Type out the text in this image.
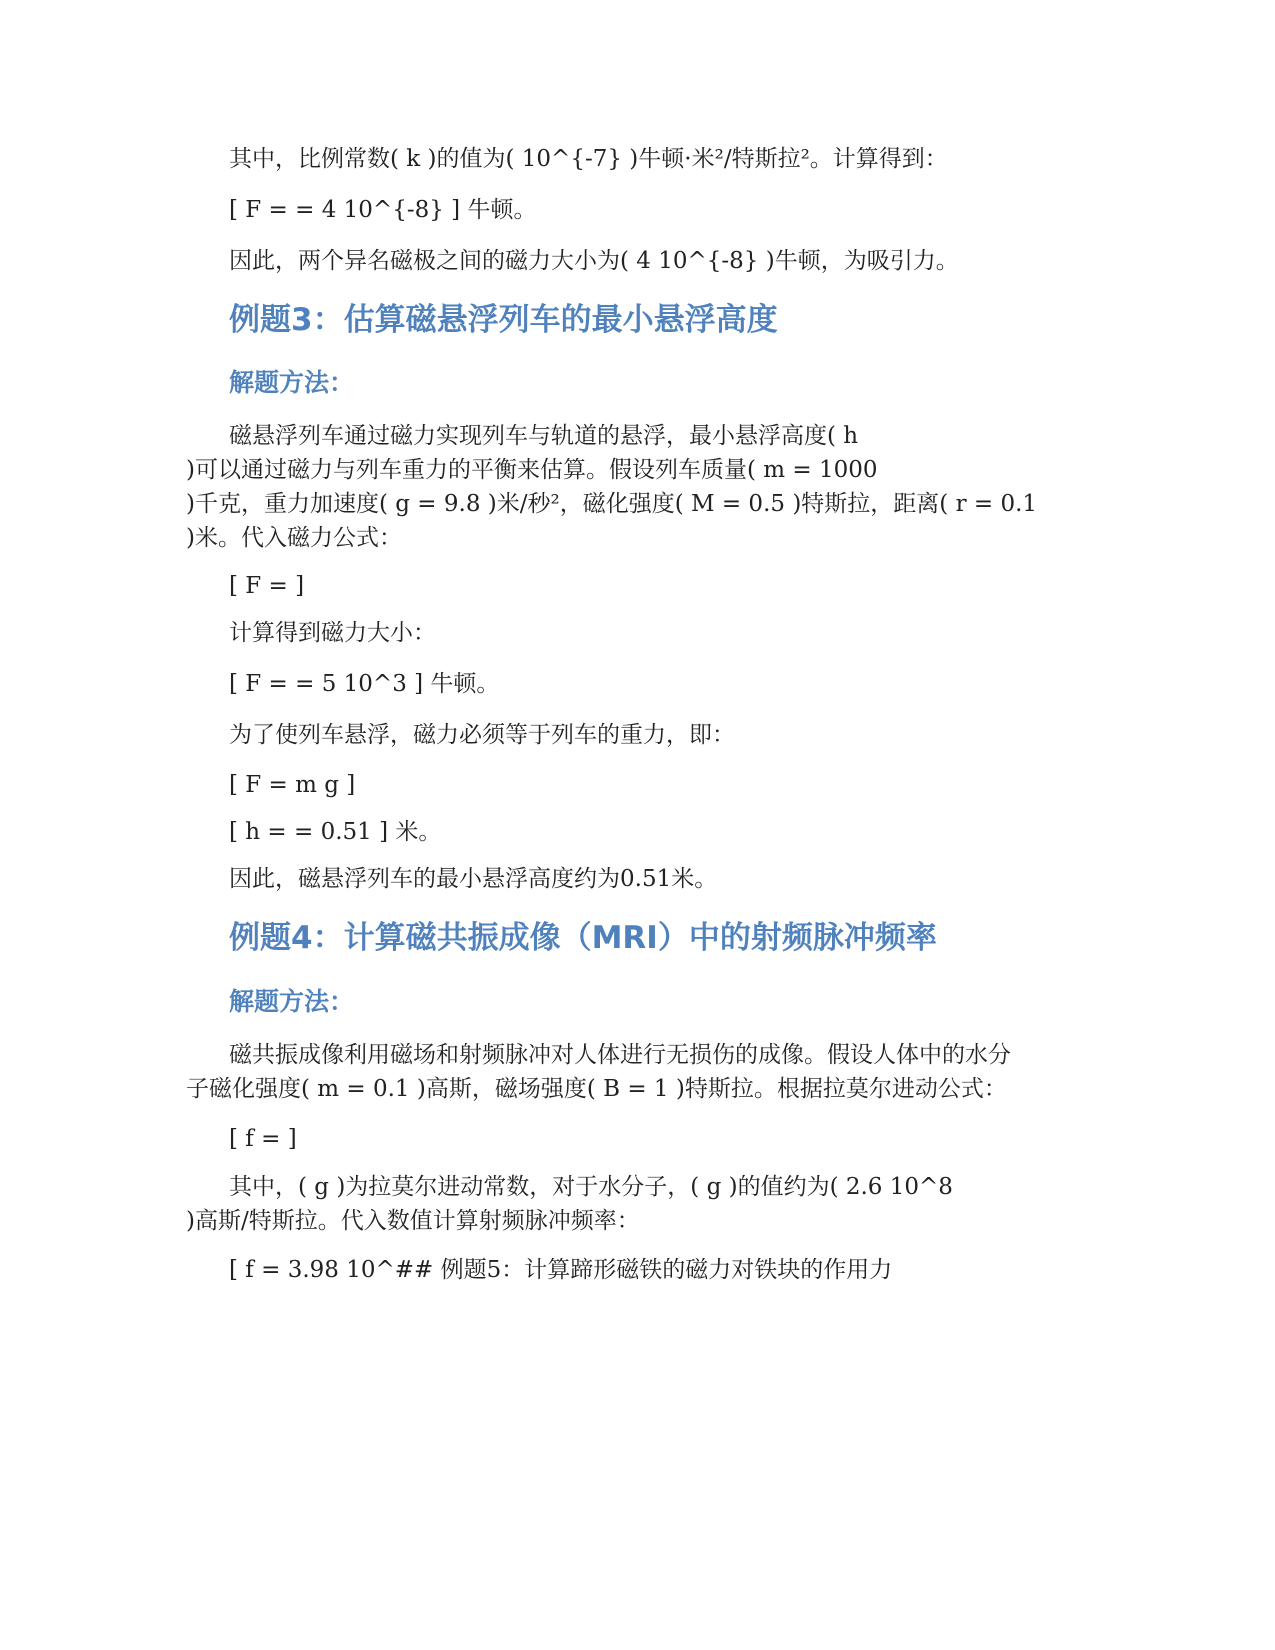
其中，比例常数( k )的值为( 10^{-7} )牛顿·米²/特斯拉²。计算得到：
[ F = = 4 10^{-8} ] 牛顿。
因此，两个异名磁极之间的磁力大小为( 4 10^{-8} )牛顿，为吸引力。
例题3：估算磁悬浮列车的最小悬浮高度
解题方法：
磁悬浮列车通过磁力实现列车与轨道的悬浮，最小悬浮高度( h
)可以通过磁力与列车重力的平衡来估算。假设列车质量( m = 1000
)千克，重力加速度( g = 9.8 )米/秒²，磁化强度( M = 0.5 )特斯拉，距离( r = 0.1
)米。代入磁力公式：
[ F = ]
计算得到磁力大小：
[ F = = 5 10^3 ] 牛顿。
为了使列车悬浮，磁力必须等于列车的重力，即：
[ F = m g ]
[ h = = 0.51 ] 米。
因此，磁悬浮列车的最小悬浮高度约为0.51米。
例题4：计算磁共振成像（MRI）中的射频脉冲频率
解题方法：
磁共振成像利用磁场和射频脉冲对人体进行无损伤的成像。假设人体中的水分
子磁化强度( m = 0.1 )高斯，磁场强度( B = 1 )特斯拉。根据拉莫尔进动公式：
[ f = ]
其中，( g )为拉莫尔进动常数，对于水分子，( g )的值约为( 2.6 10^8
)高斯/特斯拉。代入数值计算射频脉冲频率：
[ f = 3.98 10^## 例题5：计算蹄形磁铁的磁力对铁块的作用力
